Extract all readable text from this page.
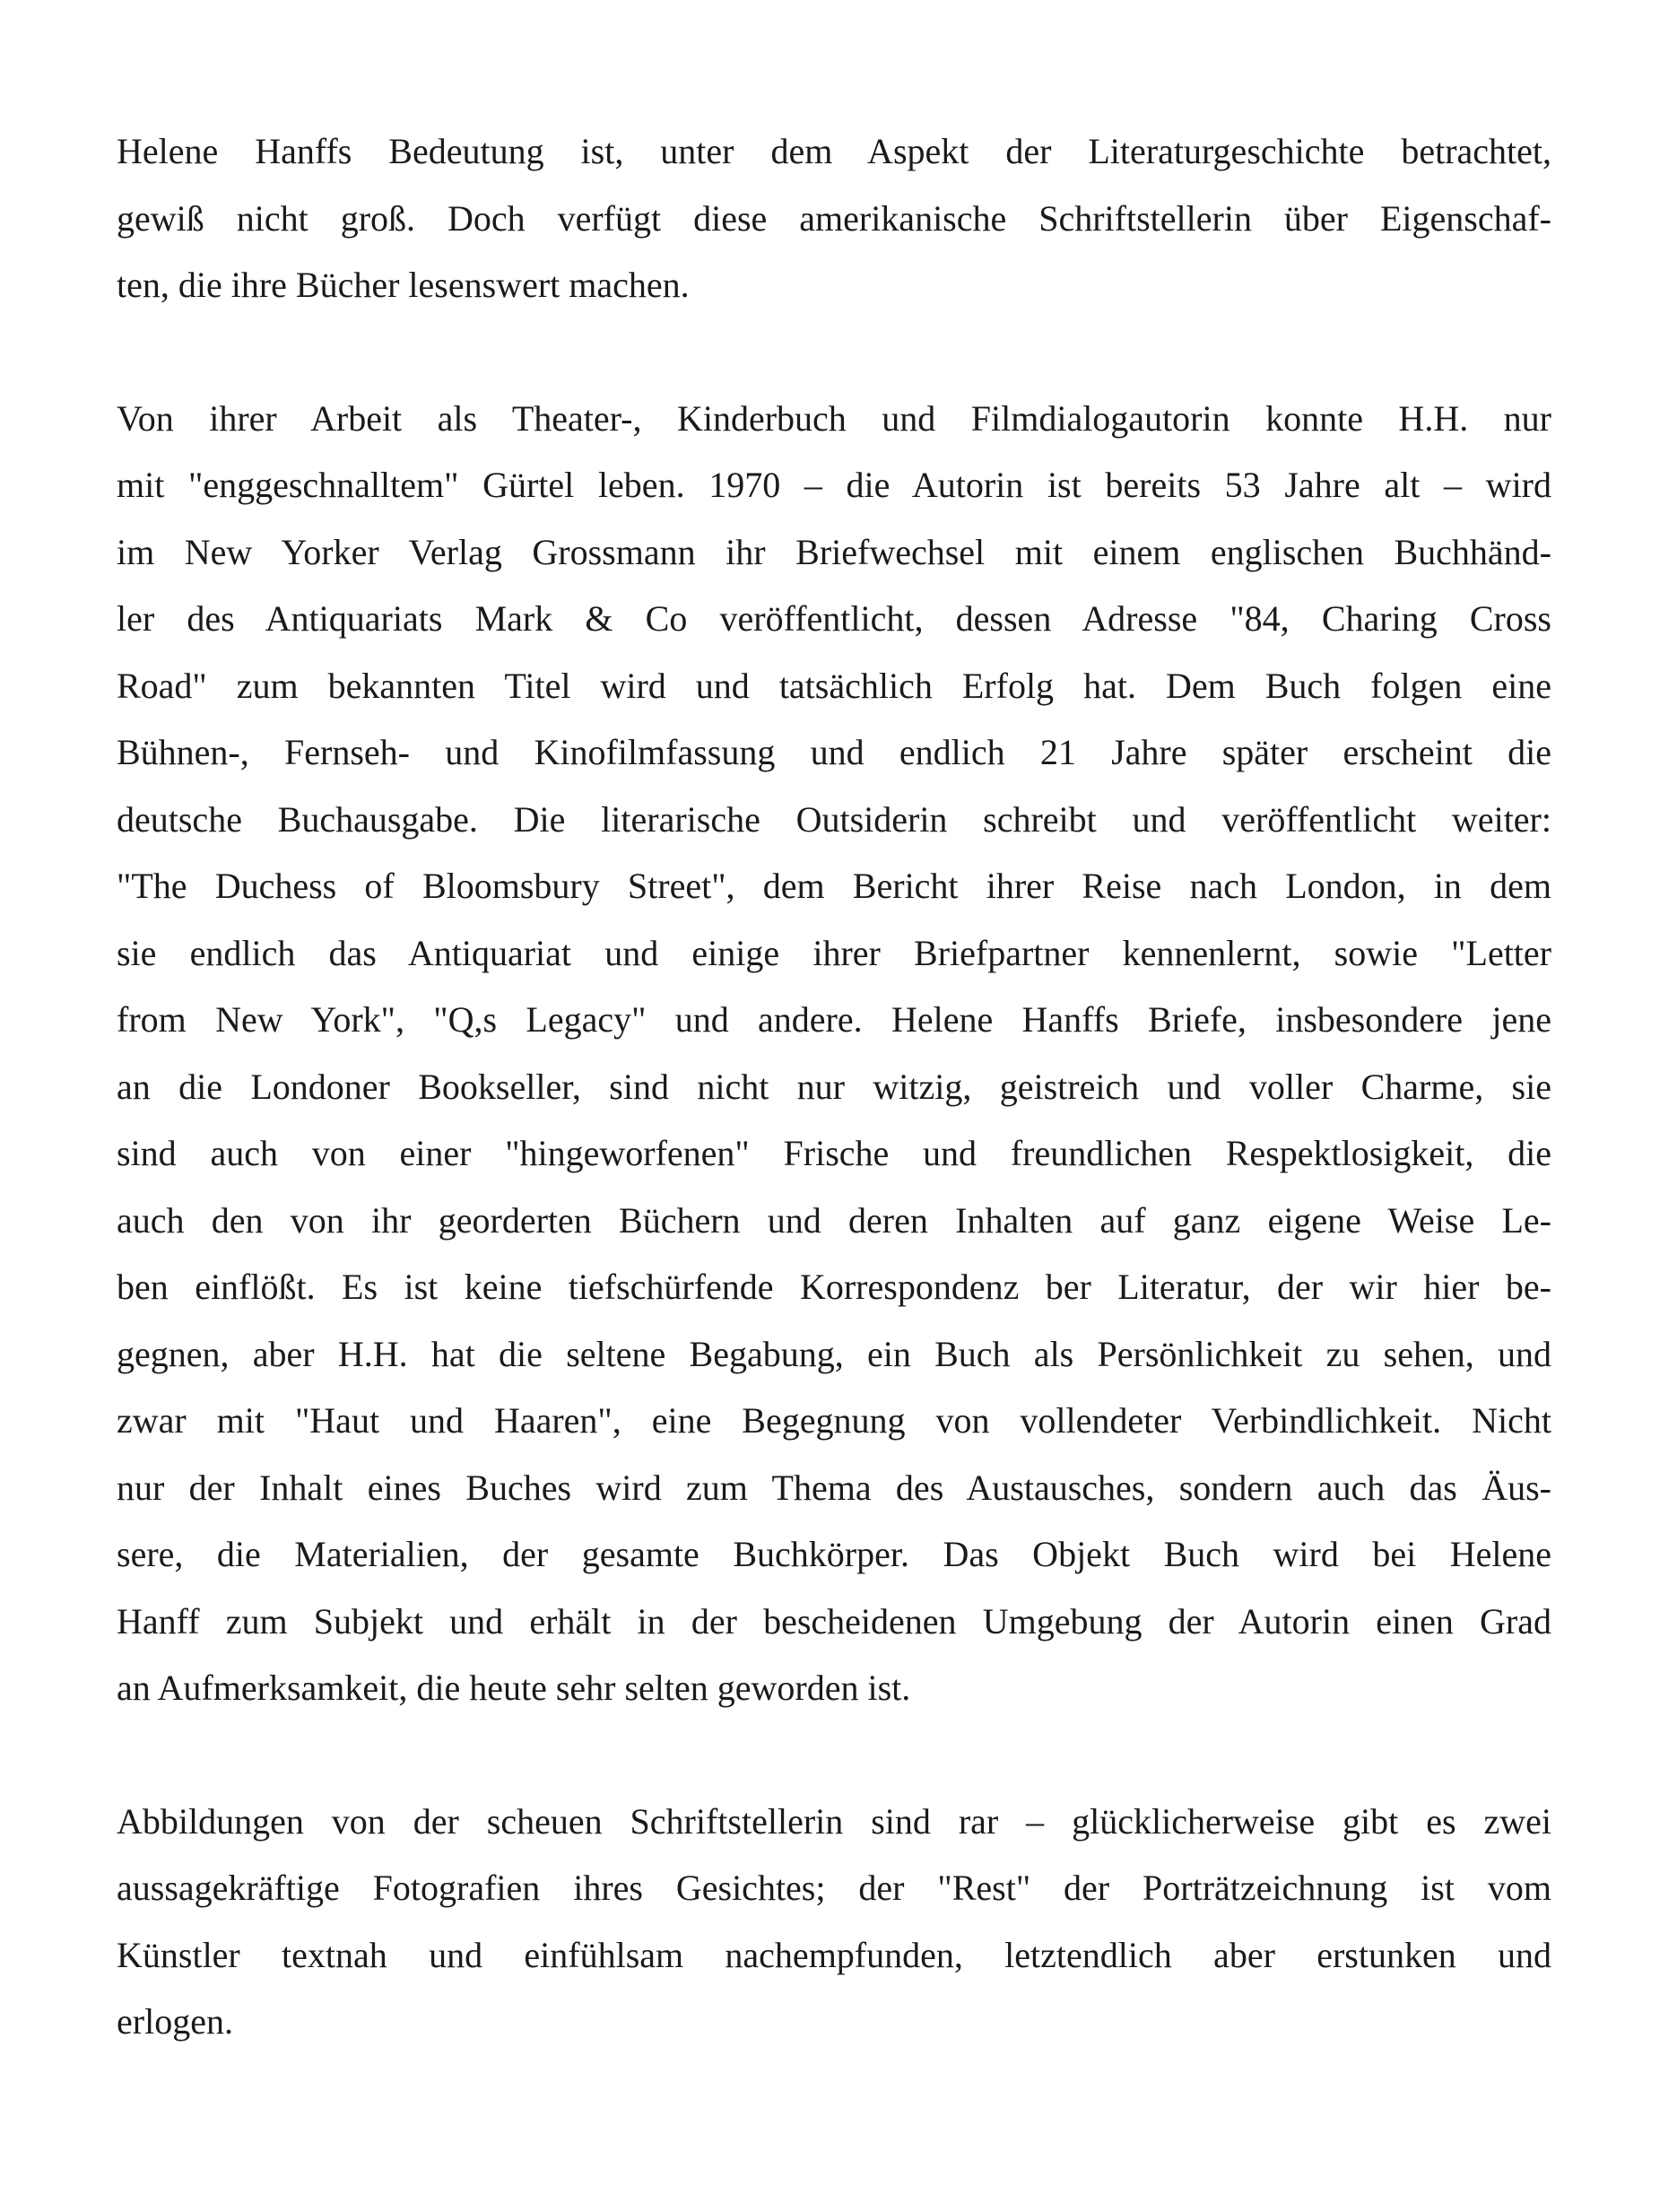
Helene Hanffs Bedeutung ist, unter dem Aspekt der Literaturgeschichte betrachtet,
gewiß nicht groß. Doch verfügt diese amerikanische Schriftstellerin über Eigenschaf-
ten, die ihre Bücher lesenswert machen.
Von ihrer Arbeit als Theater-, Kinderbuch und Filmdialogautorin konnte H.H. nur
mit "enggeschnalltem" Gürtel leben. 1970 – die Autorin ist bereits 53 Jahre alt – wird
im New Yorker Verlag Grossmann ihr Briefwechsel mit einem englischen Buchhänd-
ler des Antiquariats Mark & Co veröffentlicht, dessen Adresse "84, Charing Cross
Road" zum bekannten Titel wird und tatsächlich Erfolg hat. Dem Buch folgen eine
Bühnen-, Fernseh- und Kinofilmfassung und endlich 21 Jahre später erscheint die
deutsche Buchausgabe. Die literarische Outsiderin schreibt und veröffentlicht weiter:
"The Duchess of Bloomsbury Street", dem Bericht ihrer Reise nach London, in dem
sie endlich das Antiquariat und einige ihrer Briefpartner kennenlernt, sowie "Letter
from New York", "Q,s Legacy" und andere. Helene Hanffs Briefe, insbesondere jene
an die Londoner Bookseller, sind nicht nur witzig, geistreich und voller Charme, sie
sind auch von einer "hingeworfenen" Frische und freundlichen Respektlosigkeit, die
auch den von ihr georderten Büchern und deren Inhalten auf ganz eigene Weise Le-
ben einflößt. Es ist keine tiefschürfende Korrespondenz ber Literatur, der wir hier be-
gegnen, aber H.H. hat die seltene Begabung, ein Buch als Persönlichkeit zu sehen, und
zwar mit "Haut und Haaren", eine Begegnung von vollendeter Verbindlichkeit. Nicht
nur der Inhalt eines Buches wird zum Thema des Austausches, sondern auch das Äus-
sere, die Materialien, der gesamte Buchkörper. Das Objekt Buch wird bei Helene
Hanff zum Subjekt und erhält in der bescheidenen Umgebung der Autorin einen Grad
an Aufmerksamkeit, die heute sehr selten geworden ist.
Abbildungen von der scheuen Schriftstellerin sind rar – glücklicherweise gibt es zwei
aussagekräftige Fotografien ihres Gesichtes; der "Rest" der Porträtzeichnung ist vom
Künstler textnah und einfühlsam nachempfunden, letztendlich aber erstunken und
erlogen.
